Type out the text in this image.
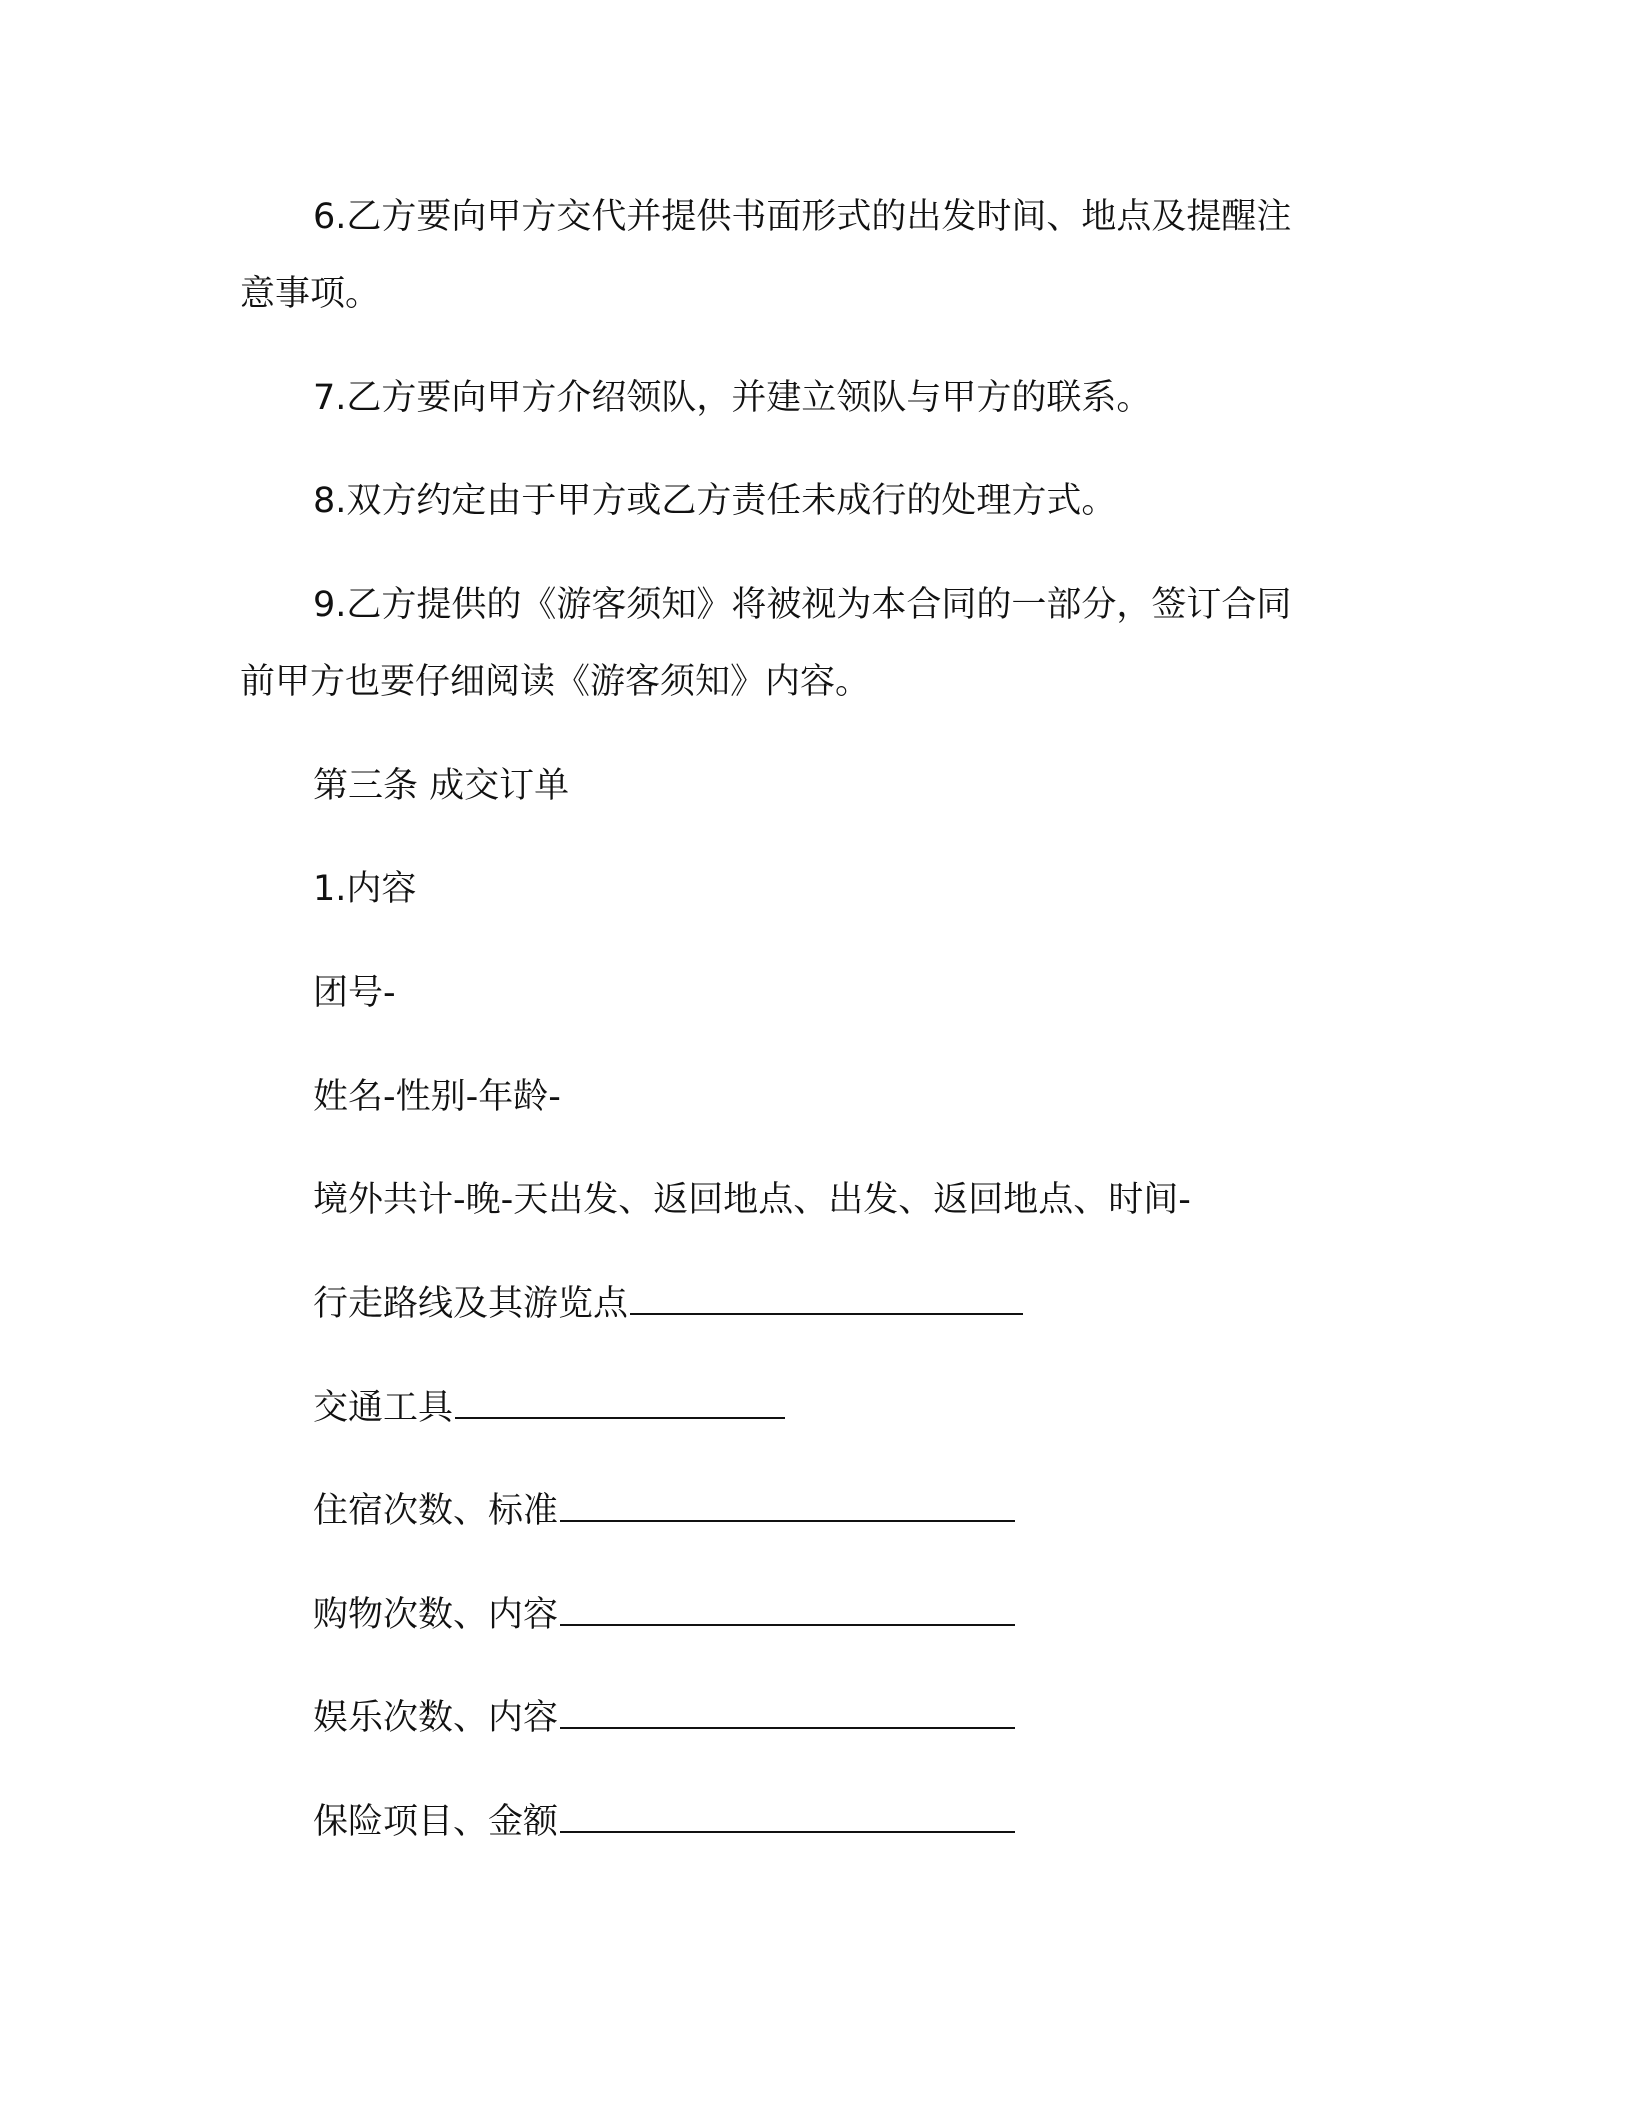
6.乙方要向甲方交代并提供书面形式的出发时间、地点及提醒注
意事项。
7.乙方要向甲方介绍领队，并建立领队与甲方的联系。
8.双方约定由于甲方或乙方责任未成行的处理方式。
9.乙方提供的《游客须知》将被视为本合同的一部分，签订合同
前甲方也要仔细阅读《游客须知》内容。
第三条 成交订单
1.内容
团号-
姓名-性别-年龄-
境外共计-晚-天出发、返回地点、出发、返回地点、时间-
行走路线及其游览点
交通工具
住宿次数、标准
购物次数、内容
娱乐次数、内容
保险项目、金额
